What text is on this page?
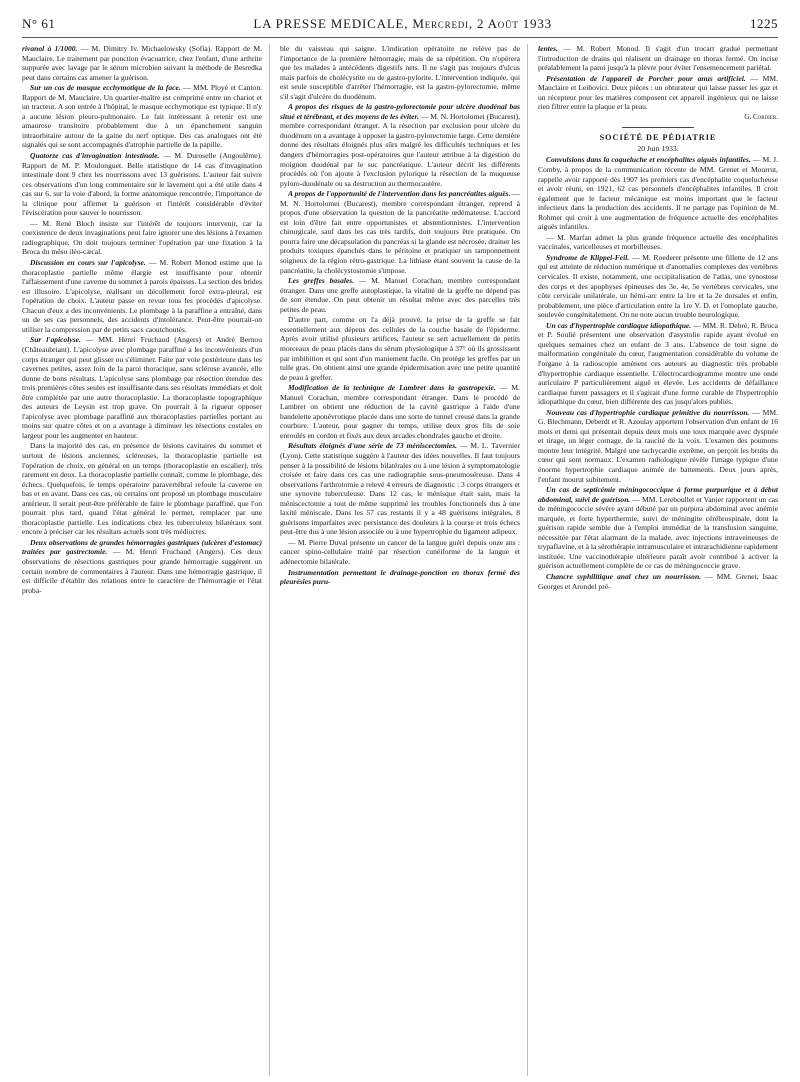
N° 61	LA PRESSE MEDICALE, Mercredi, 2 Août 1933	1225

rivanol à 1/1000. — M. Dimitry Iv. Michaelowsky (Sofia). Rapport de M. Mauclaire. Le traitement par ponction évacuatrice, chez l'enfant, d'une arthrite suppurée avec lavage par le sérum microbien suivant la méthode de Besredka peut dans certains cas amener la guérison.

Sur un cas de masque ecchymotique de la face. — MM. Ployé et Canton. Rapport de M. Mauclaire. Un quartier-maître est comprimé entre un chariot et un tracteur. A son entrée à l'hôpital, le masque ecchymotique est typique. Il n'y a aucune lésion pleuro-pulmonaire. Le fait intéressant à retenir est une amaurose transitoire probablement due à un épanchement sanguin intraorbitaire autour de la gaine du nerf optique. Des cas analogues ont été signalés qui se sont accompagnés d'atrophie partielle de la papille.

Quatorze cas d'invagination intestinale. — M. Duroselle (Angoulême). Rapport de M. P. Moulonguet. Belle statistique de 14 cas d'invagination intestinale dont 9 chez les nourrissons avec 13 guérisons. L'auteur fait suivre ces observations d'un long commentaire sur le lavement qui a été utile dans 4 cas sur 6, sur la voie d'abord, la forme anatomique rencontrée, l'importance de la clinique pour affirmer la guérison et l'intérêt considérable d'éviter l'éviscération pour sauver le nourrisson.

— M. René Bloch insiste sur l'intérêt de toujours intervenir, car la coexistence de deux invaginations peut faire ignorer une des lésions à l'examen radiographique. On doit toujours terminer l'opération par une fixation à la Broca du méso iléo-cæcal.

Discussion en cours sur l'apicolyse. — M. Robert Monod estime que la thoracoplastie partielle même élargie est insuffisante pour obtenir l'affaissement d'une caverne du sommet à parois épaisses. La section des brides est illusoire. L'apicolyse, réalisant un décollement forcé extra-pleural, est l'opération de choix. L'auteur passe en revue tous les procédés d'apicolyse. Chacun d'eux a des inconvénients. Le plombage à la paraffine a entraîné, dans un de ses cas personnels, des accidents d'intolérance. Peut-être pourrait-on utiliser la compression par de petits sacs caoutchoutés.

Sur l'apicolyse. — MM. Henri Fruchaud (Angers) et André Bernou (Châteaubriant). L'apicolyse avec plombage paraffiné a les inconvénients d'un corps étranger qui peut glisser ou s'éliminer. Faite par voie postérieure dans les cavernes petites, assez loin de la paroi thoracique, sans sclérose avancée, elle donne de bons résultats. L'apicolyse sans plombage par résection étendue des trois premières côtes seules est insuffisante dans ses résultats immédiats et doit être complétée par une autre thoracoplastie. La thoracoplastie topographique des auteurs de Leysin est trop grave. On pourrait à la rigueur opposer l'apicolyse avec plombage paraffiné aux thoracoplasties partielles portant au moins sur quatre côtes et on a avantage à diminuer les résections costales en largeur pour les augmenter en hauteur.

Dans la majorité des cas, en présence de lésions cavitaires du sommet et surtout de lésions anciennes, scléreuses, la thoracoplastie partielle est l'opération de choix, en général en un temps (thoracoplastie en escalier), très rarement en deux. La thoracoplastie partielle connaît, comme le plombage, des échecs. Quelquefois, le temps opératoire paravertébral refoule la caverne en bas et en avant. Dans ces cas, où certains ont proposé un plombage musculaire antérieur, il serait peut-être préférable de faire le plombage paraffiné, que l'on pourrait plus tard, quand l'état général le permet, remplacer par une thoracoplastie partielle. Les indications chez les tuberculeux bilatéraux sont encore à préciser car les résultats actuels sont très médiocres.

Deux observations de grandes hémorragies gastriques (ulcères d'estomac) traitées par gastrectomie. — M. Henri Fruchaud (Angers). Ces deux observations de résections gastriques pour grande hémorragie suggèrent un certain nombre de commentaires à l'auteur. Dans une hémorragie gastrique, il est difficile d'établir des relations entre le caractère de l'hémorragie et l'état proba-

ble du vaisseau qui saigne. L'indication opératoire ne relève pas de l'importance de la première hémorragie, mais de sa répétition. On n'opérera que les malades à antécédents digestifs nets. Il ne s'agit pas toujours d'ulcus mais parfois de cholécystite ou de gastro-pylorite. L'intervention indiquée, qui est seule susceptible d'arrêter l'hémorragie, est la gastro-pylorectomie, même s'il s'agit d'ulcère du duodénum.

A propos des risques de la gastro-pylorectomie pour ulcère duodénal bas situé et térébrant, et des moyens de les éviter. — M. N. Hortolomei (Bucarest), membre correspondant étranger. A la résection par exclusion pour ulcère du duodénum on a avantage à opposer la gastro-pylorectomie large. Cette dernière donne des résultats éloignés plus sûrs malgré les difficultés techniques et les dangers d'hémorragies post-opératoires que l'auteur attribue à la digestion du moignon duodénal par le suc pancréatique. L'auteur décrit les différents procédés où l'on ajoute à l'exclusion pylorique la résection de la muqueuse pyloro-duodénale ou sa destruction au thermocautère.

A propos de l'opportunité de l'intervention dans les pancréatites aiguës. — M. N. Hortolomei (Bucarest), membre correspondant étranger, reprend à propos d'une observation la question de la pancréatite œdémateuse. L'accord est loin d'être fait entre opportunistes et abstentionnistes. L'intervention chirurgicale, sauf dans les cas très tardifs, doit toujours être pratiquée. On pourra faire une décapsulation du pancréas si la glande est nécrosée, drainer les produits toxiques épanchés dans le péritoine et pratiquer un tamponnement soigneux de la région rétro-gastrique. La lithiase étant souvent la cause de la pancréatite, la cholécystostomie s'impose.

Les greffes basales. — M. Manuel Corachan, membre correspondant étranger. Dans une greffe autoplastique, la vitalité de la greffe ne dépend pas de son étendue. On peut obtenir un résultat même avec des parcelles très petites de peau.

D'autre part, comme on l'a déjà prouvé, la prise de la greffe se fait essentiellement aux dépens des cellules de la couche basale de l'épiderme. Après avoir utilisé plusieurs artifices, l'auteur se sert actuellement de petits morceaux de peau placés dans du sérum physiologique à 37° où ils grossissent par imbibition et qui sont d'un maniement facile. On protège les greffes par un tulle gras. On obtient ainsi une grande épidermisation avec une petite quantité de peau à greffer.

Modification de la technique de Lambret dans la gastropexie. — M. Manuel Corachan, membre correspondant étranger. Dans le procédé de Lambret on obtient une réduction de la cavité gastrique à l'aide d'une bandelette aponévrotique placée dans une sorte de tunnel creusé dans la grande courbure. L'auteur, pour gagner du temps, utilise deux gros fils de soie enroulés en cordon et fixés aux deux arcades chondrales gauche et droite.

Résultats éloignés d'une série de 73 méniscectomies. — M. L. Tavernier (Lyon). Cette statistique suggère à l'auteur des idées nouvelles. Il faut toujours penser à la possibilité de lésions bilatérales ou à une lésion à symptomatologie croisée et faire dans ces cas une radiographie sous-pneumoséreuse. Dans 4 observations l'arthrotomie a relevé 4 erreurs de diagnostic : 3 corps étrangers et une synovite tuberculeuse. Dans 12 cas, le ménisque était sain, mais la méniscectomie a tout de même supprimé les troubles fonctionnels dus à une laxité méniscale. Dans les 57 cas restants il y a 48 guérisons intégrales, 8 guérisons imparfaites avec persistance des douleurs à la course et trois échecs peut-être dus à une lésion associée ou à une hypertrophie du ligament adipeux.

— M. Pierre Duval présente un cancer de la langue guéri depuis onze ans : cancer spino-cellulaire traité par résection cunéiforme de la langue et adénectomie bilatérale.

Instrumentation permettant le drainage-ponction en thorax fermé des pleurésies puru-

lentes. — M. Robert Monod. Il s'agit d'un trocart gradué permettant l'introduction de drains qui réalisent un drainage en thorax fermé. On incise préalablement la paroi jusqu'à la plèvre pour éviter l'ensemencement pariétal.

Présentation de l'appareil de Porcher pour anus artificiel. — MM. Mauclaire et Leibovici. Deux pièces : un obturateur qui laisse passer les gaz et un récepteur pour les matières composent cet appareil ingénieux qui ne laisse rien filtrer entre la plaque et la peau.

G. Cordier.
SOCIÉTÉ DE PÉDIATRIE
20 Juin 1933.

Convulsions dans la coqueluche et encéphalites aiguës infantiles. — M. J. Comby, à propos de la communication récente de MM. Grenet et Mourrut, rappelle avoir rapporté dès 1907 les premiers cas d'encéphalite coquelucheuse et avoir réuni, en 1921, 62 cas personnels d'encéphalites infantiles. Il croit également que le facteur mécanique est moins important que le facteur infectieux dans la production des accidents. Il ne partage pas l'opinion de M. Rohmer qui croit à une augmentation de fréquence actuelle des encéphalites aiguës infantiles.

— M. Marfan admet la plus grande fréquence actuelle des encéphalites vaccinales, varicelleuses et morbilleuses.

Syndrome de Klippel-Feil. — M. Roederer présente une fillette de 12 ans qui est atteinte de réduction numérique et d'anomalies complexes des vertèbres cervicales. Il existe, notamment, une occipitalisation de l'atlas, une synostose des corps et des apophyses épineuses des 3e, 4e, 5e vertèbres cervicales, une côte cervicale unilatérale, un hémi-arc entre la 1re et la 2e dorsales et enfin, probablement, une pièce d'articulation entre la 1re V. D. et l'omoplate gauche, soulevée congénitalement. On ne note aucun trouble neurologique.

Un cas d'hypertrophie cardiaque idiopathique. — MM. R. Debré, R. Broca et P. Soulié présentent une observation d'asystolie rapide ayant évolué en quelques semaines chez un enfant de 3 ans. L'absence de tout signe de malformation congénitale du cœur, l'augmentation considérable du volume de l'organe à la radioscopie amènent ces auteurs au diagnostic très probable d'hypertrophie cardiaque essentielle. L'électrocardiogramme montre une onde auriculaire P particulièrement aiguë et élevée. Les accidents de défaillance cardiaque furent passagers et il s'agirait d'une forme curable de l'hypertrophie idiopathique du cœur, bien différente des cas jusqu'alors publiés.

Nouveau cas d'hypertrophie cardiaque primitive du nourrisson. — MM. G. Blechmann, Deberdt et R. Azoulay apportent l'observation d'un enfant de 16 mois et demi qui présentait depuis deux mois une toux marquée avec dyspnée et tirage, un léger cornage, de la raucité de la voix. L'examen des poumons montre leur intégrité. Malgré une tachycardie extrême, on perçoit les bruits du cœur qui sont normaux. L'examen radiologique révèle l'image typique d'une énorme hypertrophie cardiaque animée de battements. Deux jours après, l'enfant mourut subitement.

Un cas de septicémie méningococcique à forme purpurique et à début abdominal, suivi de guérison. — MM. Lereboullet et Vanier rapportent un cas de méningococcie sévère ayant débuté par un purpura abdominal avec anémie marquée, et forte hyperthermie, suivi de méningite cérébrospinale, dont la guérison rapide semble due à l'emploi immédiat de la transfusion sanguine, nécessitée par l'état alarmant de la malade, avec injections intraveineuses de trypaflavine, et à la sérothérapie intramusculaire et intrarachidienne rapidement instituée. Une vaccinothérapie ultérieure paraît avoir contribué à activer la guérison actuellement complète de ce cas de méningococcie grave.

Chancre syphilitique anal chez un nourrisson. — MM. Grenet, Isaac Georges et Arondel pré-
